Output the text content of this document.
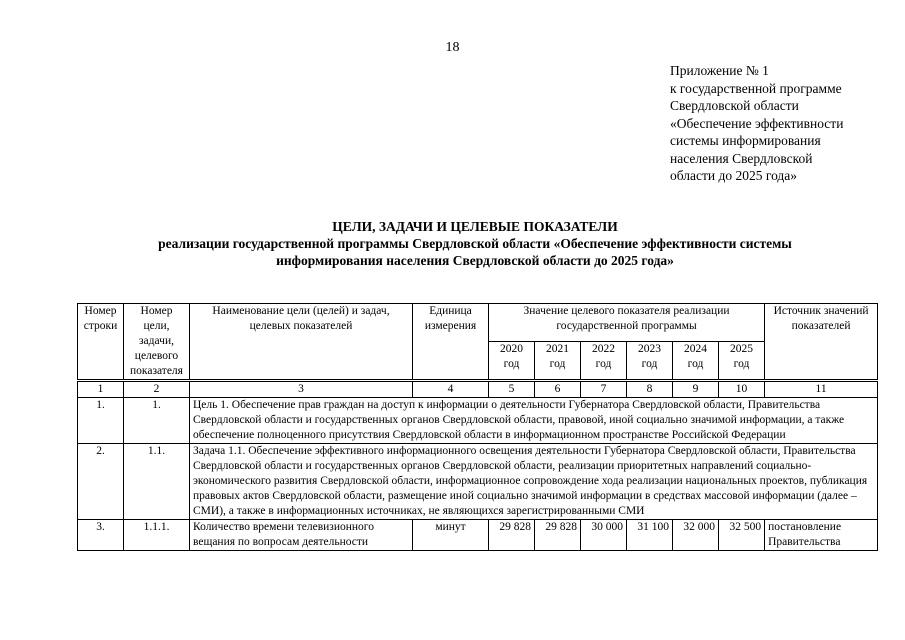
18
Приложение № 1
к государственной программе
Свердловской области
«Обеспечение эффективности
системы информирования
населения Свердловской
области до 2025 года»
ЦЕЛИ, ЗАДАЧИ И ЦЕЛЕВЫЕ ПОКАЗАТЕЛИ
реализации государственной программы Свердловской области «Обеспечение эффективности системы
информирования населения Свердловской области до 2025 года»
Номер строки	Номер цели, задачи, целевого показателя	Наименование цели (целей) и задач, целевых показателей	Единица измерения	Значение целевого показателя реализации государственной программы						Источник значений показателей
				2020 год	2021 год	2022 год	2023 год	2024 год	2025 год	
1	2	3	4	5	6	7	8	9	10	11
1.	1.	Цель 1. Обеспечение прав граждан на доступ к информации о деятельности Губернатора Свердловской области, Правительства Свердловской области и государственных органов Свердловской области, правовой, иной социально значимой информации, а также обеспечение полноценного присутствия Свердловской области в информационном пространстве Российской Федерации								
2.	1.1.	Задача 1.1. Обеспечение эффективного информационного освещения деятельности Губернатора Свердловской области, Правительства Свердловской области и государственных органов Свердловской области, реализации приоритетных направлений социально-экономического развития Свердловской области, информационное сопровождение хода реализации национальных проектов, публикация правовых актов Свердловской области, размещение иной социально значимой информации в средствах массовой информации (далее – СМИ), а также в информационных источниках, не являющихся зарегистрированными СМИ								
3.	1.1.1.	Количество времени телевизионного вещания по вопросам деятельности	минут	29 828	29 828	30 000	31 100	32 000	32 500	постановление Правительства
